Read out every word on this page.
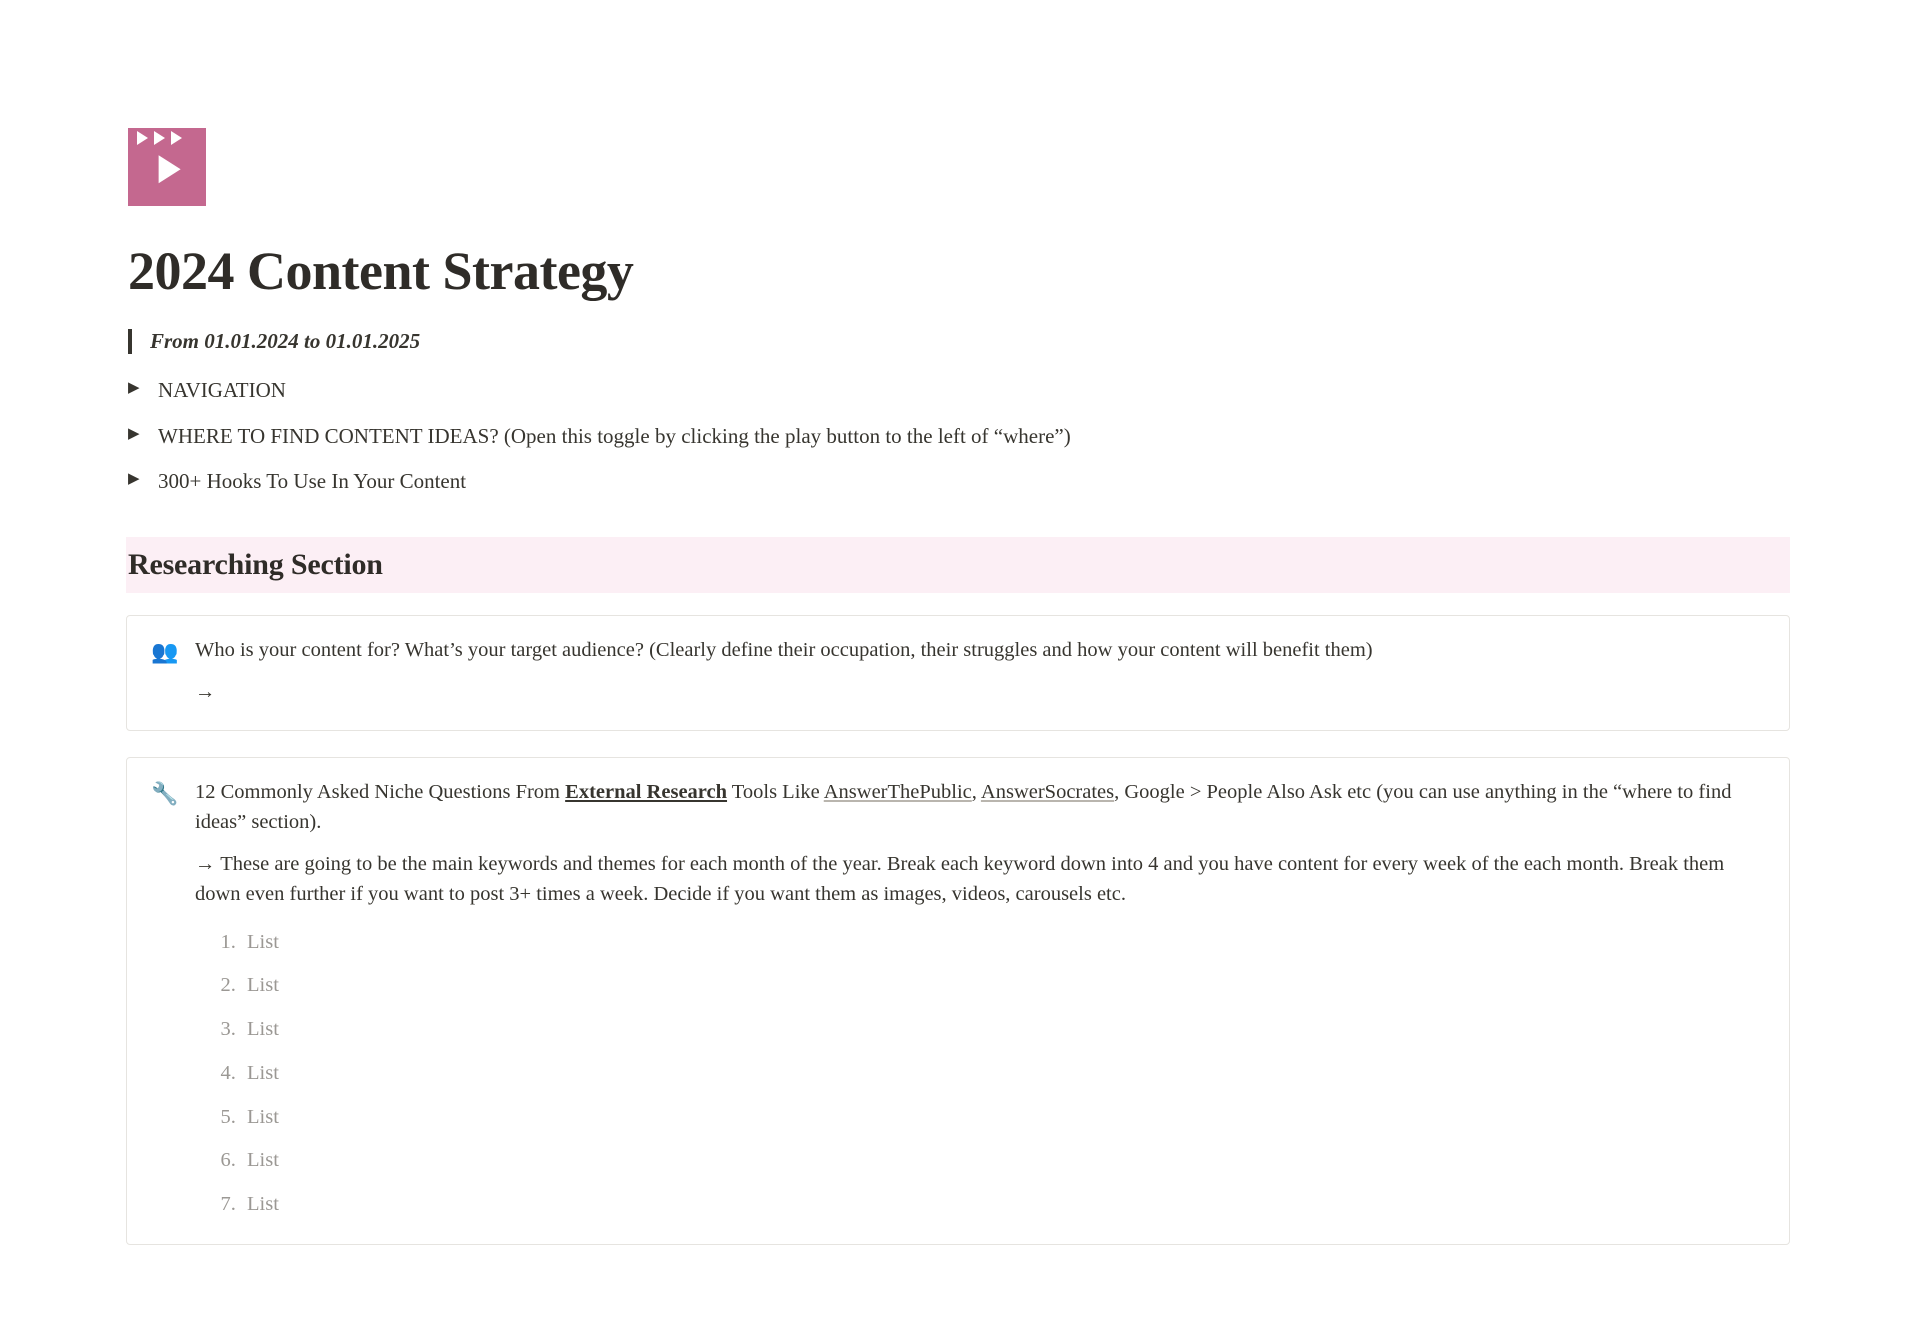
2024 Content Strategy
From 01.01.2024 to 01.01.2025
▶ NAVIGATION
▶ WHERE TO FIND CONTENT IDEAS? (Open this toggle by clicking the play button to the left of “where”)
▶ 300+ Hooks To Use In Your Content
Researching Section
👥 Who is your content for? What’s your target audience? (Clearly define their occupation, their struggles and how your content will benefit them)
→
🔧 12 Commonly Asked Niche Questions From External Research Tools Like AnswerThePublic, AnswerSocrates, Google > People Also Ask etc (you can use anything in the “where to find ideas” section).
→ These are going to be the main keywords and themes for each month of the year. Break each keyword down into 4 and you have content for every week of the each month. Break them down even further if you want to post 3+ times a week. Decide if you want them as images, videos, carousels etc.
1. List
2. List
3. List
4. List
5. List
6. List
7. List
